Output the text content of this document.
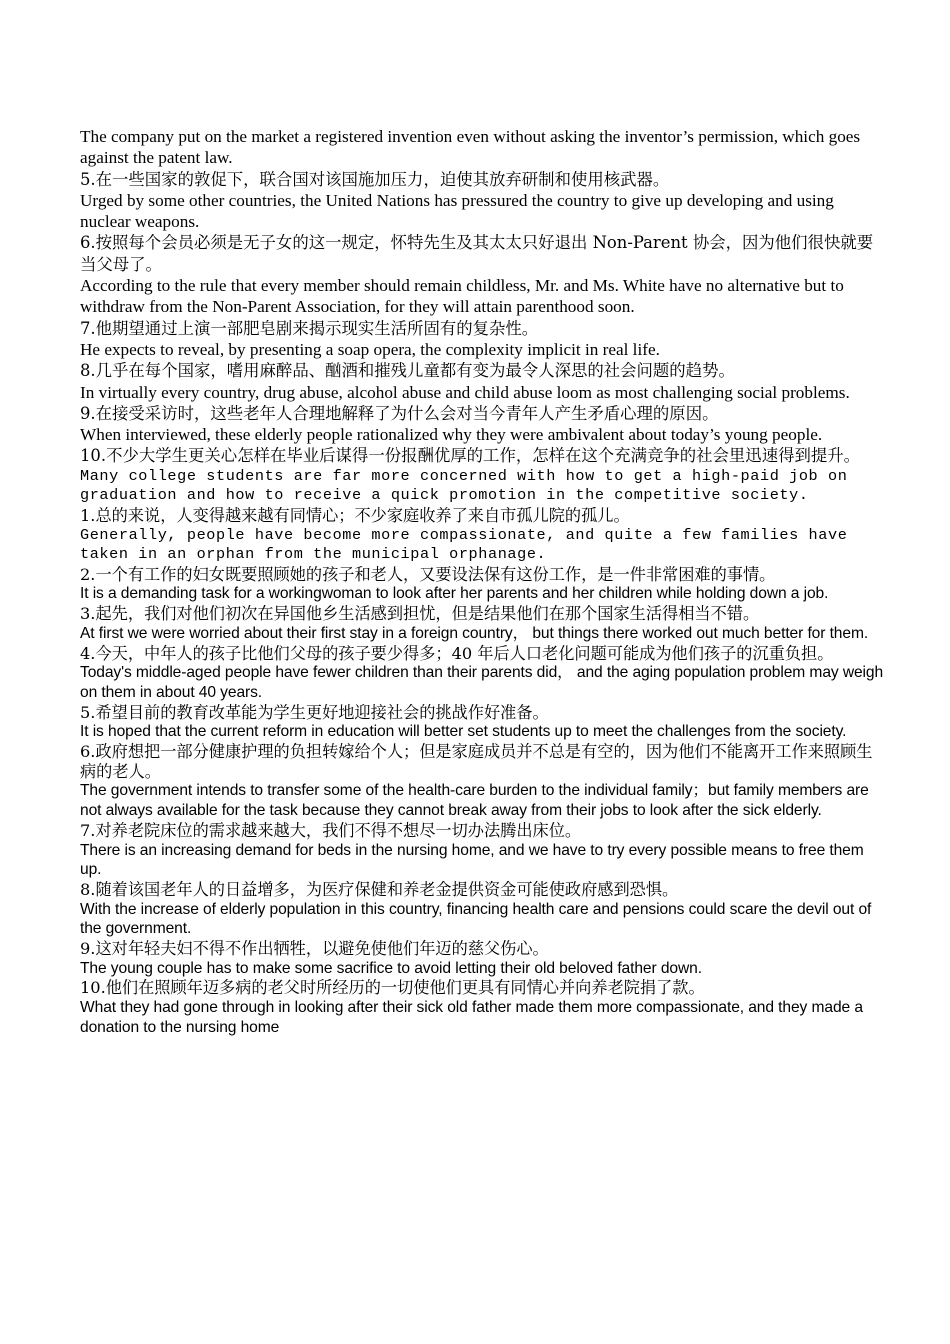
The company put on the market a registered invention even without asking the inventor’s permission, which goes against the patent law.

5.在一些国家的敦促下，联合国对该国施加压力，迫使其放弃研制和使用核武器。

Urged by some other countries, the United Nations has pressured the country to give up developing and using nuclear weapons.

6.按照每个会员必须是无子女的这一规定，怀特先生及其太太只好退出 Non-Parent 协会，因为他们很快就要当父母了。

According to the rule that every member should remain childless, Mr. and Ms. White have no alternative but to withdraw from the Non-Parent Association, for they will attain parenthood soon.

7.他期望通过上演一部肥皂剧来揭示现实生活所固有的复杂性。

He expects to reveal, by presenting a soap opera, the complexity implicit in real life.

8.几乎在每个国家，嗜用麻醉品、酗酒和摧残儿童都有变为最令人深思的社会问题的趋势。

In virtually every country, drug abuse, alcohol abuse and child abuse loom as most challenging social problems.

9.在接受采访时，这些老年人合理地解释了为什么会对当今青年人产生矛盾心理的原因。

When interviewed, these elderly people rationalized why they were ambivalent about today’s young people.

10.不少大学生更关心怎样在毕业后谋得一份报酬优厚的工作，怎样在这个充满竞争的社会里迅速得到提升。

Many college students are far more concerned with how to get a high-paid job on graduation and how to receive a quick promotion in the competitive society.

1.总的来说，人变得越来越有同情心；不少家庭收养了来自市孤儿院的孤儿。

Generally, people have become more compassionate, and quite a few families have taken in an orphan from the municipal orphanage.

2.一个有工作的妇女既要照顾她的孩子和老人，又要设法保有这份工作，是一件非常困难的事情。

It is a demanding task for a workingwoman to look after her parents and her children while holding down a job.

3.起先，我们对他们初次在异国他乡生活感到担忧，但是结果他们在那个国家生活得相当不错。

At first we were worried about their first stay in a foreign country， but things there worked out much better for them.

4.今天，中年人的孩子比他们父母的孩子要少得多；40 年后人口老化问题可能成为他们孩子的沉重负担。

Today's middle-aged people have fewer children than their parents did， and the aging population problem may weigh on them in about 40 years.

5.希望目前的教育改革能为学生更好地迎接社会的挑战作好准备。

It is hoped that the current reform in education will better set students up to meet the challenges from the society.

6.政府想把一部分健康护理的负担转嫁给个人；但是家庭成员并不总是有空的，因为他们不能离开工作来照顾生病的老人。

The government intends to transfer some of the health-care burden to the individual family；but family members are not always available for the task because they cannot break away from their jobs to look after the sick elderly.

7.对养老院床位的需求越来越大，我们不得不想尽一切办法腾出床位。

There is an increasing demand for beds in the nursing home, and we have to try every possible means to free them up.

8.随着该国老年人的日益增多，为医疗保健和养老金提供资金可能使政府感到恐惧。

With the increase of elderly population in this country, financing health care and pensions could scare the devil out of the government.

9.这对年轻夫妇不得不作出牺牲，以避免使他们年迈的慈父伤心。

The young couple has to make some sacrifice to avoid letting their old beloved father down.

10.他们在照顾年迈多病的老父时所经历的一切使他们更具有同情心并向养老院捐了款。

What they had gone through in looking after their sick old father made them more compassionate, and they made a donation to the nursing home
